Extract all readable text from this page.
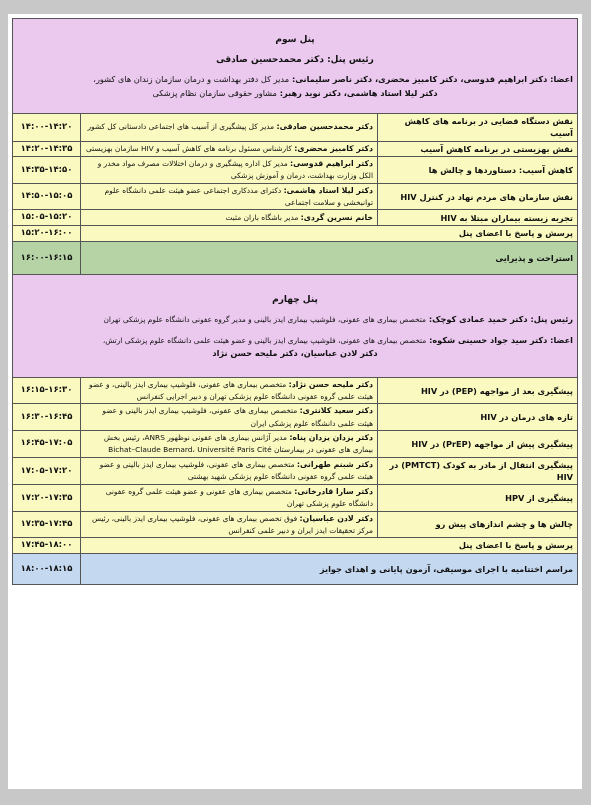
پنل سوم
رئیس پنل: دکتر محمدحسین صادقی
اعضا: دکتر ابراهیم قدوسی، دکتر کامبیز محضری، دکتر ناصر سلیمانی: مدیر کل دفتر بهداشت و درمان سازمان زندان های کشور،
دکتر لیلا استاد هاشمی، دکتر نوید رهبر: مشاور حقوقی سازمان نظام پزشکی		

نقش دستگاه قضایی در برنامه های کاهش آسیب	دکتر محمدحسین صادقی: مدیر کل پیشگیری از آسیب های اجتماعی دادستانی کل کشور	۱۴:۰۰-۱۴:۲۰
نقش بهزیستی در برنامه کاهش آسیب	دکتر کامبیز محضری: کارشناس مسئول برنامه های کاهش آسیب و HIV سازمان بهزیستی	۱۴:۲۰-۱۴:۳۵
کاهش آسیب: دستاوردها و چالش ها	دکتر ابراهیم قدوسی: مدیر کل اداره پیشگیری و درمان اختلالات مصرف مواد مخدر و الکل وزارت بهداشت، درمان و آموزش پزشکی	۱۴:۳۵-۱۴:۵۰
نقش سازمان های مردم نهاد در کنترل HIV	دکتر لیلا استاد هاشمی: دکترای مددکاری اجتماعی عضو هیئت علمی دانشگاه علوم توانبخشی و سلامت اجتماعی	۱۴:۵۰-۱۵:۰۵
تجربه زیسته بیماران مبتلا به HIV	خانم نسرین گردی: مدیر باشگاه باران مثبت	۱۵:۰۵-۱۵:۲۰
پرسش و پاسخ با اعضای پنل		۱۵:۲۰-۱۶:۰۰
استراحت و پذیرایی		۱۶:۰۰-۱۶:۱۵

پنل چهارم
رئیس پنل: دکتر حمید عمادی کوچک: متخصص بیماری های عفونی، فلوشیپ بیماری ایدز بالینی و مدیر گروه عفونی دانشگاه علوم پزشکی تهران
اعضا: دکتر سید جواد حسینی شکوه: متخصص بیماری های عفونی، فلوشیپ بیماری ایدز بالینی و عضو هیئت علمی دانشگاه علوم پزشکی ارتش،
دکتر لادن عباسیان، دکتر ملیحه حسن نژاد		

پیشگیری بعد از مواجهه (PEP) در HIV	دکتر ملیحه حسن نژاد: متخصص بیماری های عفونی، فلوشیپ بیماری ایدز بالینی، و عضو هیئت علمی گروه عفونی دانشگاه علوم پزشکی تهران و دبیر اجرایی کنفرانس	۱۶:۱۵-۱۶:۳۰
تازه های درمان در HIV	دکتر سعید کلانتری: متخصص بیماری های عفونی، فلوشیپ بیماری ایدز بالینی و عضو هیئت علمی دانشگاه علوم پزشکی ایران	۱۶:۳۰-۱۶:۴۵
پیشگیری پیش از مواجهه (PrEP) در HIV	دکتر یزدان یزدان پناه: مدیر آژانس بیماری های عفونی نوظهور ANRS، رئیس بخش بیماری های عفونی در بیمارستان Bichat–Claude Bernard، Université Paris Cité	۱۶:۴۵-۱۷:۰۵
پیشگیری انتقال از مادر به کودک (PMTCT) در HIV	دکتر شبنم طهرانی: متخصص بیماری های عفونی، فلوشیپ بیماری ایدز بالینی و عضو هیئت علمی گروه عفونی دانشگاه علوم پزشکی شهید بهشتی	۱۷:۰۵-۱۷:۲۰
پیشگیری از HPV	دکتر سارا قادرخانی: متخصص بیماری های عفونی و عضو هیئت علمی گروه عفونی دانشگاه علوم پزشکی تهران	۱۷:۲۰-۱۷:۳۵
چالش ها و چشم اندازهای پیش رو	دکتر لادن عباسیان: فوق تخصص بیماری های عفونی، فلوشیپ بیماری ایدز بالینی، رئیس مرکز تحقیقات ایدز ایران و دبیر علمی کنفرانس	۱۷:۳۵-۱۷:۴۵
پرسش و پاسخ با اعضای پنل		۱۷:۴۵-۱۸:۰۰
مراسم اختتامیه با اجرای موسیقی، آزمون پایانی و اهدای جوایز		۱۸:۰۰-۱۸:۱۵
